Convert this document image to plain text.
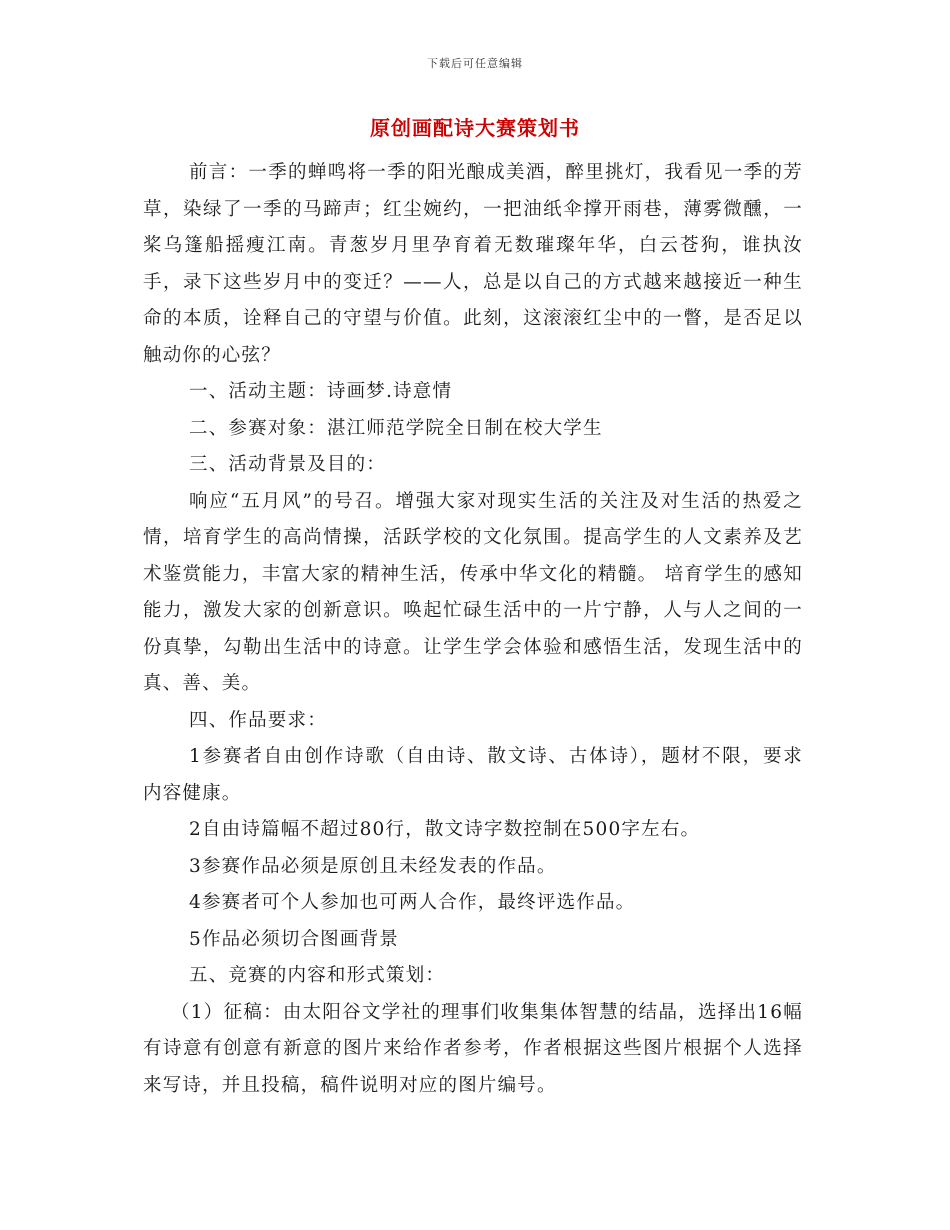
下载后可任意编辑
原创画配诗大赛策划书

前言：一季的蝉鸣将一季的阳光酿成美酒，醉里挑灯，我看见一季的芳草，染绿了一季的马蹄声；红尘婉约，一把油纸伞撑开雨巷，薄雾微醺，一桨乌篷船摇瘦江南。青葱岁月里孕育着无数璀璨年华，白云苍狗，谁执汝手，录下这些岁月中的变迁？——人，总是以自己的方式越来越接近一种生命的本质，诠释自己的守望与价值。此刻，这滚滚红尘中的一瞥，是否足以触动你的心弦？

一、活动主题：诗画梦.诗意情

二、参赛对象：湛江师范学院全日制在校大学生

三、活动背景及目的：

响应“五月风”的号召。增强大家对现实生活的关注及对生活的热爱之情，培育学生的高尚情操，活跃学校的文化氛围。提高学生的人文素养及艺术鉴赏能力，丰富大家的精神生活，传承中华文化的精髓。 培育学生的感知能力，激发大家的创新意识。唤起忙碌生活中的一片宁静，人与人之间的一份真挚，勾勒出生活中的诗意。让学生学会体验和感悟生活，发现生活中的真、善、美。

四、作品要求：

1参赛者自由创作诗歌（自由诗、散文诗、古体诗），题材不限，要求内容健康。

2自由诗篇幅不超过80行，散文诗字数控制在500字左右。

3参赛作品必须是原创且未经发表的作品。

4参赛者可个人参加也可两人合作，最终评选作品。

5作品必须切合图画背景

五、竞赛的内容和形式策划：

（1）征稿：由太阳谷文学社的理事们收集集体智慧的结晶，选择出16幅有诗意有创意有新意的图片来给作者参考，作者根据这些图片根据个人选择来写诗，并且投稿，稿件说明对应的图片编号。
